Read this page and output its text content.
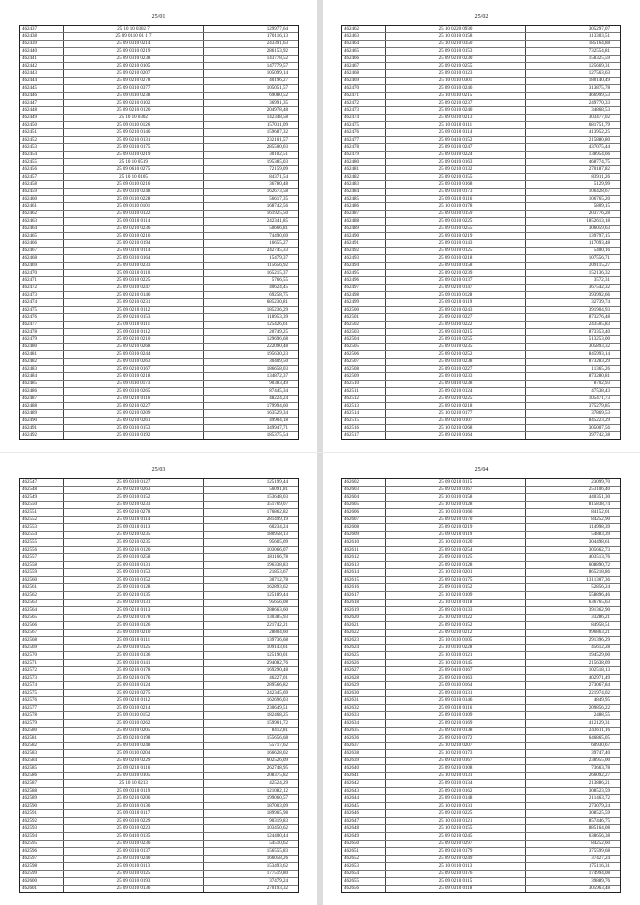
25/01
462437	25 10 10 0302 7	129977,64
462438	25 09 0110 01 1 7	170116,13
462439	25 09 0310 0214	243391,63
462440	25 09 0310 0219	286153,92
462441	25 09 0310 0238	143778,52
462442	25 09 0210 0105	147779,57
462443	25 09 0210 0207	105099,14
462444	25 09 0210 0278	40196,27
462445	25 09 0310 0377	105051,57
462446	25 09 0110 0238	69080,52
462447	25 09 0210 0102	36991,35
462448	25 09 0210 0120	204978,48
462449	25 10 10 0302	142348,58
462450	25 09 0110 0126	157011,09
462451	25 09 0210 0146	159687,32
462452	25 09 0210 0131	232101,57
462453	25 09 0310 0175	285500,03
462454	25 09 0310 0219	30102,51
462455	25 10 10 0519	195385,03
462456	25 09 0610 0275	72159,09
462457	25 10 10 0105	84371,54
462458	25 09 0110 0216	36780,48
462459	25 09 0310 0248	162673,58
462460	25 09 0110 0228	56617,35
462461	25 09 0110 0101	168742,56
462462	25 09 0310 0122	161925,50
462463	25 09 0310 0114	242341,85
462464	25 09 0210 0236	50666,81
462465	25 09 0310 0216	74490,69
462466	25 09 0210 0194	16655,27
462467	25 09 0310 0114	242745,33
462468	25 09 0310 0164	15479,37
462469	25 09 0310 0233	115656,92
462470	25 09 0310 0110	165215,37
462471	25 09 0310 0225	5766,55
462472	25 09 0310 0247	40624,45
462473	25 09 0210 0146	69258,75
462474	25 09 0210 0231	685230,81
462475	25 09 0210 0112	185236,29
462476	25 09 0210 0153	118953,39
462477	25 09 0110 0111	125426,61
462478	25 09 0310 0112	20749,25
462479	25 09 0210 0210	129696,68
462480	25 09 0210 0268	222090,48
462481	25 09 0310 0244	195630,23
462482	25 09 0310 0263	30409,50
462483	25 09 0210 0167	186658,03
462484	25 09 0310 0218	134872,37
462485	25 09 0110 0173	90383,49
462486	25 09 0310 0265	87445,34
462487	25 09 0210 0116	48224,24
462488	25 09 0210 0227	179994,60
462489	25 09 0210 0209	163529,34
462490	25 09 0210 0261	49904,18
462491	25 09 0310 0153	349947,71
462492	25 09 0310 0192	185375,54
25/02
462462	25 10 0220 0930	305297,07
462463	25 10 0310 0158	113303,51
462464	25 10 0210 0350	185164,88
462465	25 09 0310 0153	732554,81
462466	25 09 0210 0230	158325,59
462467	25 09 0210 0255	125669,31
462468	25 09 0310 0123	127563,63
462469	25 10 0110 0301	180140,49
462470	25 09 0310 0246	313875,78
462471	25 10 0110 0215	466999,53
462472	25 09 0210 0237	249770,33
462473	25 09 0310 0240	34868,53
462474	25 09 0310 0213	303477,02
462475	25 10 0310 0111	681751,79
462476	25 09 0310 0114	413952,25
462477	25 09 0410 0152	215880,80
462478	25 09 0310 0247	437075,44
462479	25 09 0310 0224	138954,66
462480	25 09 0410 0163	468774,75
462481	25 09 0210 0132	270187,82
462482	25 09 0210 0155	83911,26
462483	25 09 0310 0168	5129,99
462484	25 09 0310 0173	106428,67
462485	25 09 0310 0116	106765,20
462486	25 10 0310 0178	5809,15
462487	25 09 0310 0159	203776,28
462488	25 09 0310 0225	1852613,18
462489	25 09 0310 0255	306059,63
462490	25 09 0310 0219	139797,15
462491	25 09 0310 0143	117093,48
462492	25 09 0310 0125	5400,16
462493	25 09 0310 0218	107556,71
462494	25 09 0310 0158	209115,27
462495	25 09 0210 0239	152136,32
462496	25 09 0210 0137	3572,31
462497	25 09 0210 0147	367542,32
462498	25 09 0110 0128	393992,66
462499	25 09 0210 0119	32739,74
462500	25 09 0210 0243	391904,93
462501	25 09 0210 0227	873276,48
462502	25 09 0310 0222	243505,83
462503	25 09 0310 0215	873353,40
462504	25 09 0310 0255	513253,00
462505	25 09 0310 0235	305893,32
462506	25 09 0210 0252	845993,14
462507	25 09 0310 0238	873283,29
462508	25 09 0310 0227	11365,26
462509	25 09 0310 0233	873280,81
462510	25 09 0410 0238	8702,93
462511	25 09 0210 0124	47538,43
462512	25 09 0210 0225	105471,73
462513	25 09 0210 0218	375279,85
462514	25 10 0210 0177	37869,53
462515	25 09 0210 0107	845223,29
462516	25 10 0210 0268	305007,56
462517	25 09 0210 0164	397742,38
25/03
462547	25 09 0310 0127	125199,44
462548	25 09 0210 0263	56091,81
462549	25 09 0310 0152	153648,03
462550	25 09 0210 0233	351769,07
462551	25 09 0210 0278	176862,82
462552	25 09 0310 0114	281499,19
462553	25 09 0310 0113	60234,24
462554	25 09 0210 0235	180958,13
462555	25 09 0210 0235	95605,09
462556	25 09 0210 0120	103066,07
462557	25 09 0310 0258	181166,78
462558	25 09 0310 0131	196338,83
462559	25 09 0310 0153	21853,67
462560	25 09 0310 0152	30712,78
462561	25 09 0310 0128	162893,62
462562	25 09 0210 0135	125189,44
462563	25 09 0210 0131	95656,08
462564	25 09 0210 0113	288663,60
462565	25 09 0210 0178	130385,93
462566	25 09 0310 0126	221742,21
462567	25 09 0310 0210	28804,60
462568	25 09 0310 0111	139736,68
462569	25 09 0310 0125	109143,61
462570	25 09 0310 0136	125190,01
462571	25 09 0310 0141	294082,76
462572	25 09 0210 0178	169290,48
462573	25 09 0210 0176	46227,01
462574	25 09 0310 0124	289566,82
462575	25 09 0210 0275	242345,69
462576	25 09 0210 0112	162696,03
462577	25 09 0310 0214	230649,51
462578	25 09 0110 0152	182468,25
462579	25 09 0310 0262	159901,72
462580	25 09 0310 0205	8412,81
462581	25 09 0210 0198	155656,68
462582	25 09 0310 0248	55717,62
462583	25 09 0110 0204	166628,02
462584	25 09 0210 0229	602526,09
462585	25 09 0210 0116	262748,95
462586	25 09 0310 0105	208375,82
462587	25 10 10 0213	42524,29
462588	25 09 0310 0119	121082,12
462589	25 09 0210 0206	199060,57
462590	25 09 0310 0136	187003,09
462591	25 09 0310 0117	189965,98
462592	25 09 0310 0229	90319,83
462593	25 09 0310 0223	103450,62
462594	25 09 0410 0135	124400,44
462595	25 09 0310 0236	54510,62
462596	25 09 0310 0137	156555,83
462597	25 09 0310 0240	166058,26
462598	25 09 0110 0113	153493,62
462599	25 09 0310 0125	177519,80
462600	25 09 0310 0193	37479,24
462601	25 09 0310 0136	270193,32
25/04
462602	25 09 0210 0115	23099,70
462603	25 09 0210 0167	253106,40
462604	25 10 0310 0158	440351,30
462605	25 10 0210 0128	815838,74
462606	25 10 0310 0166	84152,01
462607	25 09 0210 0170	84252,90
462608	25 09 0210 0219	114998,39
462609	25 09 0210 0119	54883,39
462610	25 10 0210 0120	304498,61
462611	25 09 0210 0254	305662,73
462612	25 09 0210 0125	403513,76
462613	25 09 0210 0128	608890,72
462614	25 10 0210 0201	865218,86
462615	25 09 0210 0175	1311307,36
462616	25 09 0310 0152	52856,24
462617	25 10 0210 0109	558896,46
462618	25 10 0210 0118	636765,63
462619	25 09 0210 0133	391362,90
462620	25 10 0210 0122	33286,21
462621	25 09 0210 0152	84958,51
462622	25 09 0210 0212	996863,21
462623	25 10 0110 0105	291396,29
462624	25 10 0110 0228	45612,28
462625	25 10 0310 0121	194529,00
462626	25 10 0210 0145	215638,09
462627	25 09 0410 0167	102518,13
462628	25 09 0210 0163	402971,49
462629	25 09 0110 0164	273067,84
462630	25 09 0310 0131	221974,02
462631	25 09 0310 0146	4849,95
462632	25 09 0310 0116	209856,22
462633	25 09 0310 0109	2488,55
462634	25 09 0210 0169	412129,31
462635	25 09 0210 0138	243611,16
462636	25 09 0210 0172	646865,05
462637	25 10 0210 0207	60930,67
462638	25 10 0210 0173	39747,40
462639	25 09 0210 0167	238955,00
462640	25 09 0210 0108	73663,78
462641	25 10 0210 0131	266092,27
462642	25 09 0310 0134	213886,21
462643	25 09 0210 0162	308523,59
462644	25 09 0310 0148	211463,72
462645	25 10 0210 0131	273079,24
462646	25 09 0210 0225	308525,59
462647	25 10 0310 0121	857446,75
462648	25 10 0210 0155	885164,08
462649	25 09 0210 0245	638656,38
462650	25 09 0210 0297	84252,60
462651	25 09 0210 0179	375599,68
462652	25 09 0210 0249	37427,24
462653	25 10 0110 0113	175116,31
462654	25 09 0210 0176	174994,08
462655	25 09 0210 0115	39889,76
462656	25 09 0310 0118	305963,48
